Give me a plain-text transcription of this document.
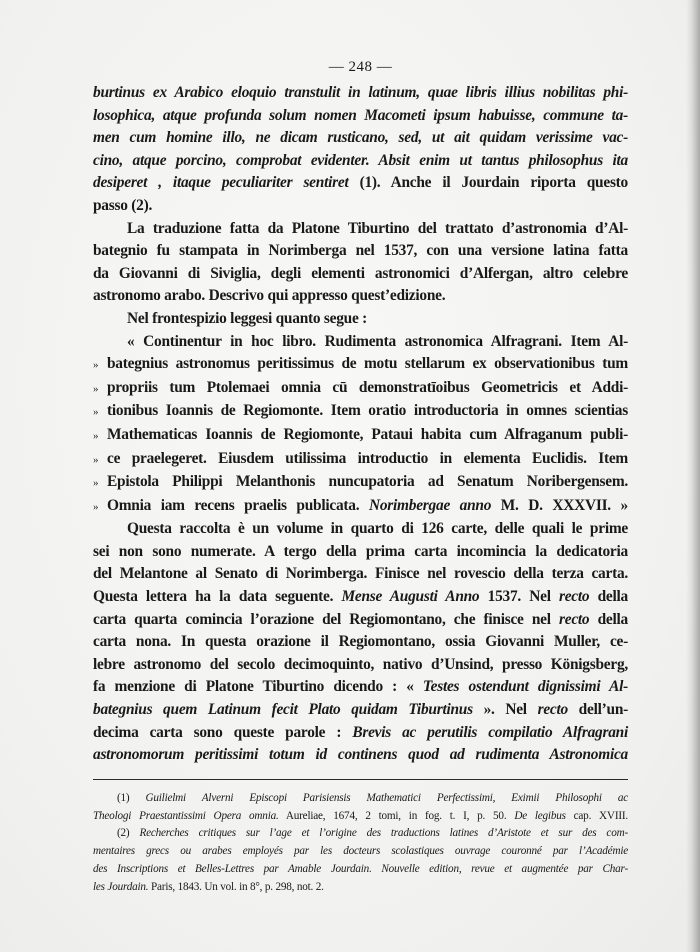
— 248 —
burtinus ex Arabico eloquio transtulit in latinum, quae libris illius nobilitas phi-
losophica, atque profunda solum nomen Macometi ipsum habuisse, commune ta-
men cum homine illo, ne dicam rusticano, sed, ut ait quidam verissime vac-
cino, atque porcino, comprobat evidenter. Absit enim ut tantus philosophus ita
desiperet , itaque peculiariter sentiret (1). Anche il Jourdain riporta questo
passo (2).
La traduzione fatta da Platone Tiburtino del trattato d’astronomia d’Al-
bategnio fu stampata in Norimberga nel 1537, con una versione latina fatta
da Giovanni di Siviglia, degli elementi astronomici d’Alfergan, altro celebre
astronomo arabo. Descrivo qui appresso quest’edizione.
Nel frontespizio leggesi quanto segue :
« Continentur in hoc libro. Rudimenta astronomica Alfragrani. Item Al-
» bategnius astronomus peritissimus de motu stellarum ex observationibus tum
» propriis tum Ptolemaei omnia cū demonstratīoibus Geometricis et Addi-
» tionibus Ioannis de Regiomonte. Item oratio introductoria in omnes scientias
» Mathematicas Ioannis de Regiomonte, Pataui habita cum Alfraganum publi-
» ce praelegeret. Eiusdem utilissima introductio in elementa Euclidis. Item
» Epistola Philippi Melanthonis nuncupatoria ad Senatum Noribergensem.
» Omnia iam recens praelis publicata. Norimbergae anno M. D. XXXVII. »
Questa raccolta è un volume in quarto di 126 carte, delle quali le prime
sei non sono numerate. A tergo della prima carta incomincia la dedicatoria
del Melantone al Senato di Norimberga. Finisce nel rovescio della terza carta.
Questa lettera ha la data seguente. Mense Augusti Anno 1537. Nel recto della
carta quarta comincia l’orazione del Regiomontano, che finisce nel recto della
carta nona. In questa orazione il Regiomontano, ossia Giovanni Muller, ce-
lebre astronomo del secolo decimoquinto, nativo d’Unsind, presso Königsberg,
fa menzione di Platone Tiburtino dicendo : « Testes ostendunt dignissimi Al-
bategnius quem Latinum fecit Plato quidam Tiburtinus ». Nel recto dell’un-
decima carta sono queste parole : Brevis ac perutilis compilatio Alfragrani
astronomorum peritissimi totum id continens quod ad rudimenta Astronomica
(1) Guilielmi Alverni Episcopi Parisiensis Mathematici Perfectissimi, Eximii Philosophi ac
Theologi Praestantissimi Opera omnia. Aureliae, 1674, 2 tomi, in fog. t. I, p. 50. De legibus cap. XVIII.
(2) Recherches critiques sur l’age et l’origine des traductions latines d’Aristote et sur des com-
mentaires grecs ou arabes employés par les docteurs scolastiques ouvrage couronné par l’Académie
des Inscriptions et Belles-Lettres par Amable Jourdain. Nouvelle edition, revue et augmentée par Char-
les Jourdain. Paris, 1843. Un vol. in 8°, p. 298, not. 2.
